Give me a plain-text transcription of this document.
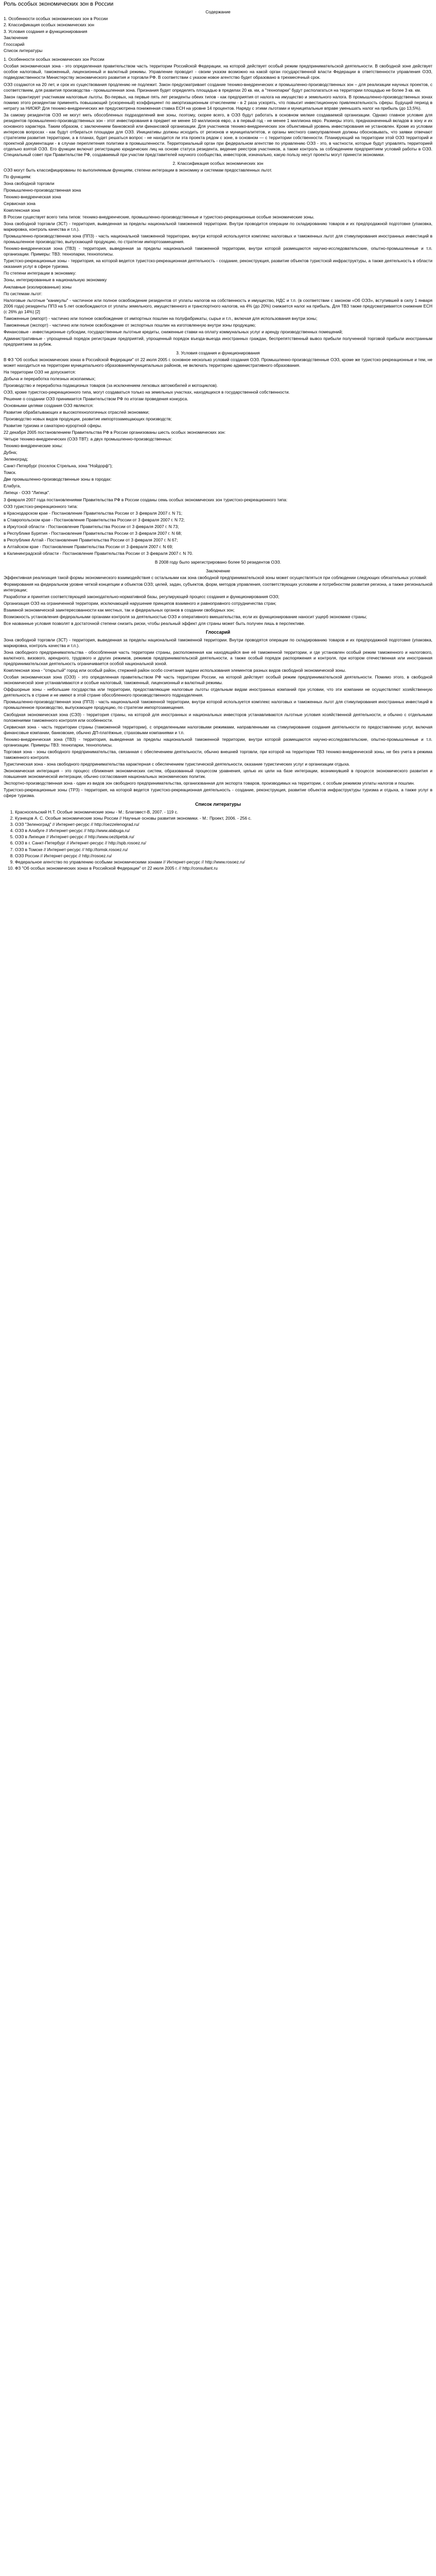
Роль особых экономических зон в России
Содержание
1. Особенности особых экономических зон в России
2. Классификация особых экономических зон
3. Условия создания и функционирования
Заключение
Глоссарий
Список литературы

1. Особенности особых экономических зон России

Особая экономическая зона - это определенная правительством часть территории Российской Федерации, на которой действует особый режим предпринимательской деятельности. В свободной зоне действует особое налоговый, таможенный, лицензионный и валютный режимы. Управление проводит - своим указом возможно на какой орган государственной власти Федерации в ответственности управления ОЭЗ, подведомственности Министерству экономического развития и торговли РФ. В соответствии с указом новое агентство будет образовано в трехмесячный срок.

ОЭЗ создаются на 20 лет, и срок их существования продлению не подлежит. Закон предусматривает создание технико-внедренческих и промышленно-производственных зон – для реализации научных проектов, с соответствием, для развития производства - промышленная зона. Признания будет определять площадью в пределах 20 кв. км, а "технопарки" будут располагаться на территории площадью не более 3 кв. км.

Закон гарантирует участникам налоговые льготы. Во-первых, на первые пять лет резиденты обеих типов - как предприятия от налога на имущество и земельного налога. В промышленно-производственных зонах помимо этого резидентам применять повышающий (ускоренный) коэффициент по амортизационным отчислениям - в 2 раза ускорять, что повысит инвестиционную привлекательность сферы. Будущий период в нетрату за НИОКР. Для технико-внедренческих же предусмотрена пониженная ставка ЕСН на уровне 14 процентов. Наряду с этими льготами и муниципальные вправе уменьшать налог на прибыль (до 13,5%).

За самому резидентов ОЭЗ не могут меть обособленных подразделений вне зоны, поэтому, скорее всего, в ОЭЗ будут работать в основном мелкие создаваемой организации. Однако главное условие для резидентов промышленно-производственных зон - этот инвестирования в предмет не менее 10 миллионов евро, а в первый год - не менее 1 миллиона евро. Размеры этого, предназначенный вкладов в зону и их основного характера. Таким образом, с заключением банковской или финансовой организации. Для участников технико-внедренческих зон объективный уровень инвестирования не установлен. Кроме из условии интересов вопросах - как будут отбираться площадки для ОЭЗ. Инициативы должны исходить от регионов и муниципалитетов, и органы местного самоуправления должны обосновывать, что заявки отвечают стратегиям развития территории, а в планах, будет решаться вопрос - не находится ли эта проекта рядом с зоне, в основном — с территории собственности. Планирующий на территории этой ОЭЗ территорий и проектной документации - в случае переплетения политики в промышленности. Территориальный орган при федеральном агентстве по управлению ОЭЗ - это, в частности, которые будут управлять территорией отдельно взятой ОЭЗ. Его функции включат регистрацию юридических лиц на основе статуса резидента, ведение реестров участников, а также контроль за соблюдением предприятием условий работы в ОЭЗ. Специальный совет при Правительстве РФ, создаваемый при участии представителей научного сообщества, инвесторов, изначально, какую пользу несут проекты могут принести экономики.

2. Классификация особых экономических зон

ОЭЗ могут быть классифицированы по выполняемым функциям, степени интеграции в экономику и системам предоставленных льгот.

По функциям:

Зона свободной торговли

Промышленно-производственная зона

Технико-внедренческая зона

Сервисная зона

Комплексная зона

В России существует всего типа типов: технико-внедренческие, промышленно-производственные и туристско-рекреационные особые экономические зоны.

Зона свободной торговли (ЗСТ) - территория, выведенная за пределы национальной таможенной территории. Внутри проводится операции по складированию товаров и их предпродажной подготовке (упаковка, маркировка, контроль качества и т.п.).

Промышленно-производственная зона (ППЗ) - часть национальной таможенной территории, внутри которой используется комплекс налоговых и таможенных льгот для стимулирования иностранных инвестиций в промышленное производство, выпускающей продукцию, по стратегии импортозамещения.

Технико-внедренческая зона (ТВЗ) - территория, выведенная за пределы национальной таможенной территории, внутри которой размещаются научно-исследовательские, опытно-промышленные и т.п. организации. Примеры: ТВЗ: технопарки, технополисы.

Туристско-рекреационные зоны - территория, на которой ведется туристско-рекреационная деятельность - создание, реконструкция, развитие объектов туристской инфраструктуры, а также деятельность в области оказания услуг в сфере туризма.

По степени интеграции в экономику:

Зоны, интегрированные в национальную экономику

Анклавные (изолированные) зоны

По системам льгот:

Налоговые льготные "каникулы" - частичное или полное освобождение резидентов от уплаты налогов на собственность и имущество, НДС и т.п. (в соответствии с законом «Об ОЭЗ», вступившей в силу 1 января 2006 года) резиденты ППЗ на 5 лет освобождаются от уплаты земельного, имущественного и транспортного налогов, на 4% (до 20%) снижается налог на прибыль. Для ТВЗ также предусматривается снижение ЕСН (с 26% до 14%) [2]

Таможенные (импорт) - частично или полное освобождение от импортных пошлин на полуфабрикаты, сырье и т.п., включая для использования внутри зоны;

Таможенные (экспорт) - частично или полное освобождение от экспортных пошлин на изготовленную внутри зоны продукцию;

Финансовые - инвестиционные субсидии, государственные льготные кредиты, сниженные ставки на оплату коммунальных услуг и аренду производственных помещений;

Административные - упрощенный порядок регистрации предприятий, упрощенный порядок въезда-выезда иностранных граждан, беспрепятственный вывоз прибыли полученной торговой прибыли иностранным предприятием за рубеж.

3. Условия создания и функционирования

В ФЗ "Об особых экономических зонах в Российской Федерации" от 22 июля 2005 г. основное несколько условий создания ОЭЗ. Промышленно-производственные ОЭЗ, кроме же туристско-рекреационные и тем, не может находиться на территории муниципального образования/муниципальных районов, не включать территорию административного образования.

На территории ОЭЗ не допускается:

Добыча и переработка полезных ископаемых;

Производство и переработка подакцизных товаров (за исключением легковых автомобилей и мотоциклов).

ОЭЗ, кроме туристско-рекреационного типа, могут создаваться только на земельных участках, находящихся в государственной собственности.

Решение о создании ОЭЗ принимается Правительством РФ по итогам проведения конкурса.

Основными целями создания ОЭЗ являются:

Развитие обрабатывающих и высокотехнологичных отраслей экономики;

Производство новых видов продукции, развитие импортозамещающих производств;

Развитие туризма и санаторно-курортной сферы.

22 декабря 2005 постановлением Правительства РФ в России организованы шесть особых экономических зон:

Четыре технико-внедренческих (ОЭЗ ТВТ): а двух промышленно-производственных:

Технико-внедренческие зоны:

Дубна;

Зеленоград;

Санкт-Петербург (поселок Стрельна, зона "Нойдорф");

Томск.

Две промышленно-производственные зоны в городах:

Елабуга,

Липецк - ОЭЗ "Липецк".

3 февраля 2007 года постановлениями Правительства РФ в России созданы семь особых экономических зон туристско-рекреационного типа:

ОЭЗ туристско-рекреационного типа:

в Краснодарском крае - Постановление Правительства России от 3 февраля 2007 г. N 71;

в Ставропольском крае - Постановление Правительства России от 3 февраля 2007 г. N 72;

в Иркутской области - Постановление Правительства России от 3 февраля 2007 г. N 73;

в Республике Бурятия - Постановление Правительства России от 3 февраля 2007 г. N 68;

в Республике Алтай - Постановление Правительства России от 3 февраля 2007 г. N 67;

в Алтайском крае - Постановление Правительства России от 3 февраля 2007 г. N 69;

в Калининградской области - Постановление Правительства России от 3 февраля 2007 г. N 70.

В 2008 году было зарегистрировано более 50 резидентов ОЭЗ.
Заключение

Эффективная реализация такой формы экономического взаимодействия с остальными как зона свободной предпринимательской зоны может осуществляться при соблюдении следующих обязательных условий:

Формирования на федеральном уровне четкой концепции и объектов ОЭЗ; целей, задач, субъектов, форм, методов управления, соответствующих условиям и потребностям развития региона, а также региональной интеграции;

Разработки и принятия соответствующей законодательно-нормативной базы, регулирующей процесс создания и функционирования ОЭЗ;

Организация ОЭЗ на ограниченной территории, исключающей нарушение принципов взаимного и равноправного сотрудничества стран;

Взаимной экономической заинтересованности как местных, так и федеральных органов в создании свободных зон;

Возможность установления федеральными органами контроля за деятельностью ОЭЗ и оперативного вмешательства, если их функционирование наносит ущерб экономике страны;

Все названные условия позволят в достаточной степени снизить риски, чтобы реальный эффект для страны может быть получен лишь в перспективе.

Глоссарий

Зона свободной торговли (ЗСТ) - территория, выведенная за пределы национальной таможенной территории. Внутри проводятся операции по складированию товаров и их предпродажной подготовке (упаковка, маркировка, контроль качества и т.п.).

Зона свободного предпринимательства - обособленная часть территории страны, расположенная как находящийся вне её таможенной территории, и где установлен особый режим таможенного и налогового, валютного, визового, арендного, трудового и других режимов, режимов предпринимательской деятельности, а также особый порядок распоряжения и контроля, при котором отечественная или иностранная предпринимательская деятельность ограничивается особой национальной зоной.

Комплексная зона - "открытый" город или особый район, стержней район особо сочетания задачи использования элементов разных видов свободной экономической зоны.

Особая экономическая зона (ОЭЗ) - это определенная правительством РФ часть территории России, на которой действует особый режим предпринимательской деятельности. Помимо этого, в свободной экономической зоне устанавливаются и особые налоговый, таможенный, лицензионный и валютный режимы.

Оффшорные зоны - небольшие государства или территории, предоставляющие налоговые льготы отдельным видам иностранных компаний при условии, что эти компании не осуществляют хозяйственную деятельность в стране и не имеют в этой стране обособленного производственного подразделения.

Промышленно-производственная зона (ППЗ) - часть национальной таможенной территории, внутри которой используется комплекс налоговых и таможенных льгот для стимулирования иностранных инвестиций в промышленное производство, выпускающее продукцию, по стратегии импортозамещения.

Свободная экономическая зона (СЭЗ) - территория страны, на которой для иностранных и национальных инвесторов устанавливаются льготные условия хозяйственной деятельности, и обычно с отдельными положениями таможенного контроля или особенности.

Сервисная зона - часть территории страны (таможенной территории), с определенными налоговыми режимами, направленными на стимулирование создания деятельности по предоставлению услуг, включая финансовые компании, банковские, обычно ДП-платёжные, страховыми компаниями и т.п.

Технико-внедренческая зона (ТВЗ) - территория, выведенная за пределы национальной таможенной территории, внутри которой размещаются научно-исследовательские, опытно-промышленные и т.п. организации. Примеры ТВЗ: технопарки, технополисы.

Торговая зона - зоны свободного предпринимательства, связанная с обеспечением деятельности, обычно внешней торговли, при которой на территории ТВЗ технико-внедренческой зоны, не без учета в режима таможенного контроля.

Туристическая зона - зона свободного предпринимательства характерная с обеспечением туристической деятельности, оказание туристических услуг и организации отдыха.

Экономическая интеграция - это процесс сближения экономических систем, образованный процессом уравнения, целью их цели на базе интеграции, возникнувшей в процессе экономического развития и повышения экономической интеграции, обычно согласования национальных экономических политик.

Экспортно-производственная зона - один из видов зон свободного предпринимательства, организованная для экспорта товаров, производимых на территории, с особым режимом уплаты налогов и пошлин.

Туристско-рекреационные зоны (ТРЗ) - территория, на которой ведется туристско-рекреационная деятельность - создание, реконструкция, развитие объектов инфраструктуры туризма и отдыха, а также услуг в сфере туризма.

Список литературы
1. Красносельский Н.Т. Особые экономические зоны - М.: Благовест-В, 2007. - 119 с.
2. Кузнецов А. С. Особые экономические зоны России // Научные основы развития экономики. - М.: Проект, 2006. - 256 с.
3. ОЭЗ "Зеленоград" // Интернет-ресурс // http://oezzelenograd.ru/
4. ОЭЗ в Алабуге // Интернет-ресурс // http://www.alabuga.ru/
5. ОЭЗ в Липецке // Интернет-ресурс // http://www.oezlipetsk.ru/
6. ОЭЗ в г. Санкт-Петербург // Интернет-ресурс // http://spb.rosoez.ru/
7. ОЭЗ в Томске // Интернет-ресурс // http://tomsk.rosoez.ru/
8. ОЭЗ России // Интернет-ресурс // http://rosoez.ru/
9. Федеральное агентство по управлению особыми экономическими зонами // Интернет-ресурс // http://www.rosoez.ru/
10. ФЗ "Об особых экономических зонах в Российской Федерации" от 22 июля 2005 г. // http://consultant.ru
